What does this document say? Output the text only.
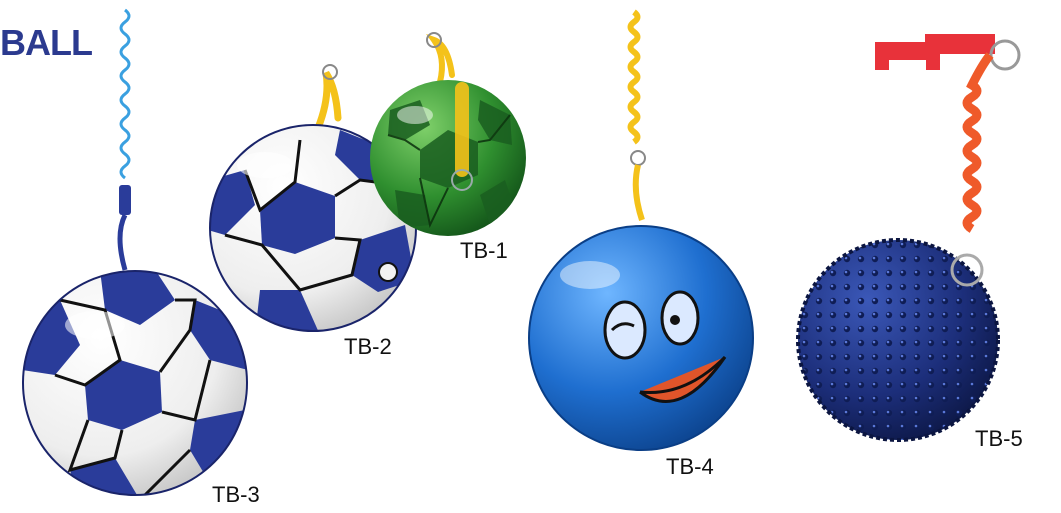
BALL
TB-1
TB-2
TB-3
TB-4
TB-5
